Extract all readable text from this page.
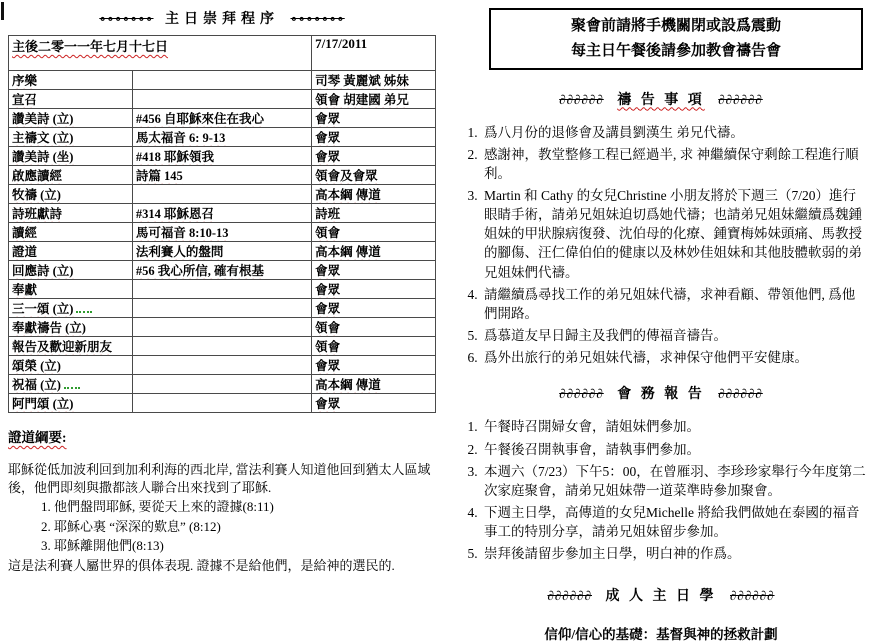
∘∘∘∘∘∘∘ 主日崇拜程序 ∘∘∘∘∘∘∘
主後二零一一年七月十七日		7/17/2011
序樂		司琴 黃麗斌 姊妹
宣召		領會 胡建國 弟兄
讚美詩 (立)	#456 自耶穌來住在我心	會眾
主禱文 (立)	馬太福音 6: 9-13	會眾
讚美詩 (坐)	#418 耶穌領我	會眾
啟應讀經	詩篇 145	領會及會眾
牧禱 (立)		高本綱 傳道
詩班獻詩	#314 耶穌恩召	詩班
讀經	馬可福音 8:10-13	領會
證道	法利賽人的盤問	高本綱 傳道
回應詩 (立)	#56 我心所信, 確有根基	會眾
奉獻		會眾
三一頌 (立)		會眾
奉獻禱告 (立)		領會
報告及歡迎新朋友		領會
頌榮 (立)		會眾
祝福 (立)		高本綱 傳道
阿門頌 (立)		會眾
證道綱要:

耶穌從低加波利回到加利利海的西北岸, 當法利賽人知道他回到猶太人區域後，他們即刻與撒都該人聯合出來找到了耶穌.

1. 他們盤問耶穌, 要從天上來的證據(8:11)
2. 耶穌心裏 “深深的歎息” (8:12)
3. 耶穌離開他們(8:13)

這是法利賽人屬世界的俱体表現. 證據不是給他們，是給神的選民的.

聚會前請將手機關閉或設爲震動
每主日午餐後請參加教會禱告會
∂∂∂∂∂∂ 禱 告 事 項 ∂∂∂∂∂∂
1. 爲八月份的退修會及講員劉漢生 弟兄代禱。
2. 感謝神，教堂整修工程已經過半, 求 神繼續保守剩餘工程進行順利。
3. Martin 和 Cathy 的女兒Christine 小朋友將於下週三（7/20）進行眼睛手術，請弟兄姐妹迫切爲她代禱；也請弟兄姐妹繼續爲魏鍾姐妹的甲狀腺病復發、沈伯母的化療、鍾寶梅姊妹頭痛、馬教授的腳傷、汪仁偉伯伯的健康以及林妙佳姐妹和其他肢體軟弱的弟兄姐妹們代禱。
4. 請繼續爲尋找工作的弟兄姐妹代禱，求神看顧、帶領他們, 爲他們開路。
5. 爲慕道友早日歸主及我們的傳福音禱告。
6. 爲外出旅行的弟兄姐妹代禱，求神保守他們平安健康。
∂∂∂∂∂∂ 會 務 報 告 ∂∂∂∂∂∂
1. 午餐時召開婦女會，請姐妹們參加。
2. 午餐後召開執事會，請執事們參加。
3. 本週六（7/23）下午5：00，在曾雁羽、李珍珍家舉行今年度第二次家庭聚會，請弟兄姐妹帶一道菜準時參加聚會。
4. 下週主日學，高傳道的女兒Michelle 將給我們做她在泰國的福音事工的特別分享，請弟兄姐妹留步參加。
5. 崇拜後請留步參加主日學，明白神的作爲。
∂∂∂∂∂∂ 成 人 主 日 學 ∂∂∂∂∂∂
信仰/信心的基礎：基督與神的拯救計劃
